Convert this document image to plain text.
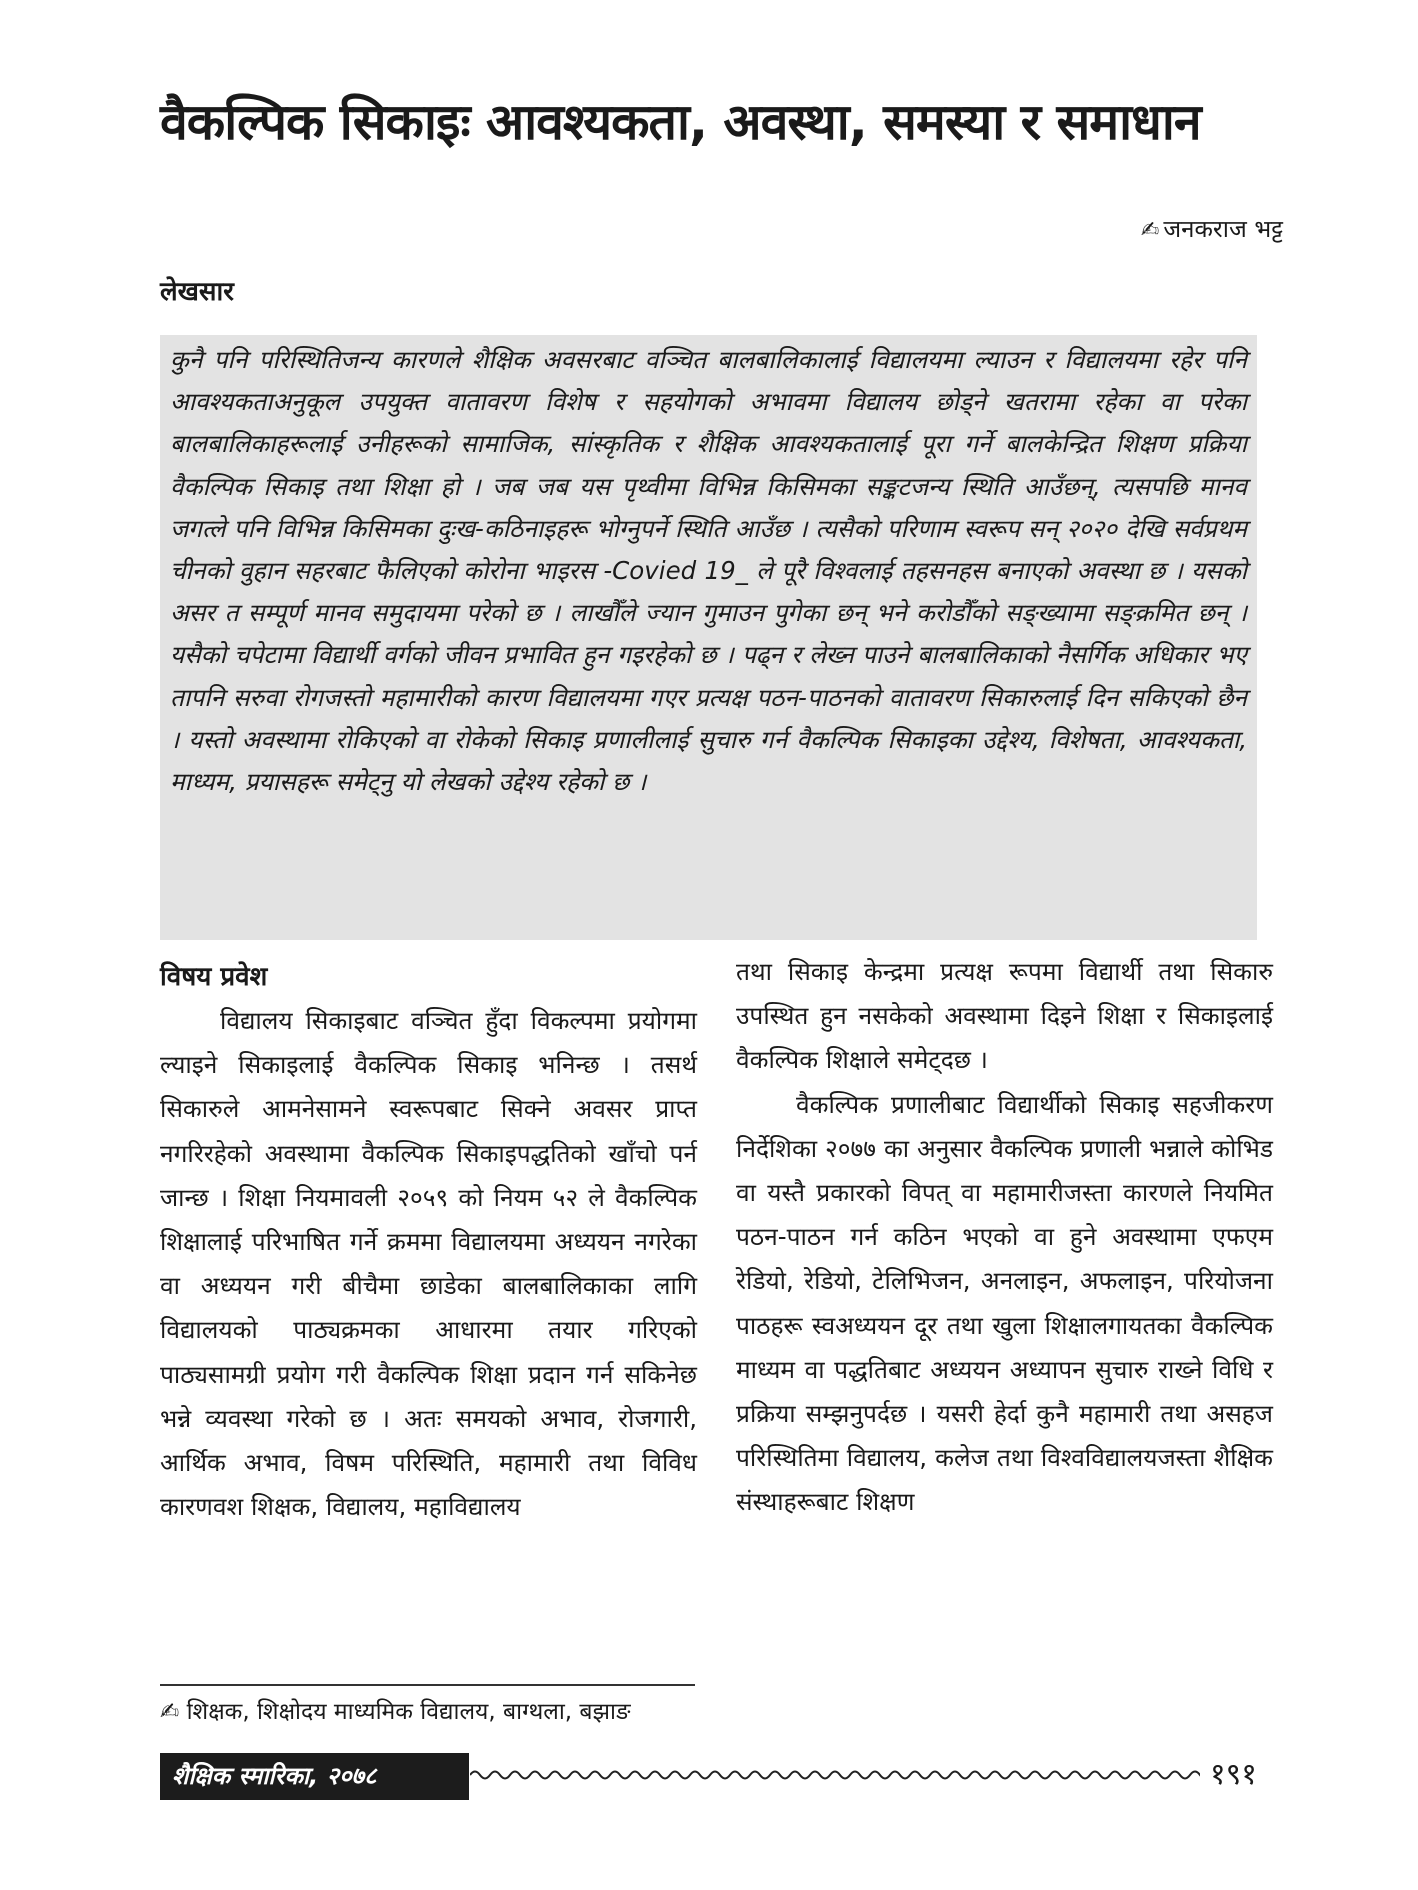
वैकल्पिक सिकाइः आवश्यकता, अवस्था, समस्या र समाधान
✍ जनकराज भट्ट
लेखसार
कुनै पनि परिस्थितिजन्य कारणले शैक्षिक अवसरबाट वञ्चित बालबालिकालाई विद्यालयमा ल्याउन र विद्यालयमा रहेर पनि आवश्यकताअनुकूल उपयुक्त वातावरण विशेष र सहयोगको अभावमा विद्यालय छोड्ने खतरामा रहेका वा परेका बालबालिकाहरूलाई उनीहरूको सामाजिक, सांस्कृतिक र शैक्षिक आवश्यकतालाई पूरा गर्ने बालकेन्द्रित शिक्षण प्रक्रिया वैकल्पिक सिकाइ तथा शिक्षा हो । जब जब यस पृथ्वीमा विभिन्न किसिमका सङ्कटजन्य स्थिति आउँछन्, त्यसपछि मानव जगत्ले पनि विभिन्न किसिमका दुःख-कठिनाइहरू भोग्नुपर्ने स्थिति आउँछ । त्यसैको परिणाम स्वरूप सन् २०२० देखि सर्वप्रथम चीनको वुहान सहरबाट फैलिएको कोरोना भाइरस -Covied 19_ ले पूरै विश्वलाई तहसनहस बनाएको अवस्था छ । यसको असर त सम्पूर्ण मानव समुदायमा परेको छ । लाखौँले ज्यान गुमाउन पुगेका छन् भने करोडौँको सङ्ख्यामा सङ्क्रमित छन् । यसैको चपेटामा विद्यार्थी वर्गको जीवन प्रभावित हुन गइरहेको छ । पढ्न र लेख्न पाउने बालबालिकाको नैसर्गिक अधिकार भए तापनि सरुवा रोगजस्तो महामारीको कारण विद्यालयमा गएर प्रत्यक्ष पठन-पाठनको वातावरण सिकारुलाई दिन सकिएको छैन । यस्तो अवस्थामा रोकिएको वा रोकेको सिकाइ प्रणालीलाई सुचारु गर्न वैकल्पिक सिकाइका उद्देश्य, विशेषता, आवश्यकता, माध्यम, प्रयासहरू समेट्नु यो लेखको उद्देश्य रहेको छ ।
विषय प्रवेश

विद्यालय सिकाइबाट वञ्चित हुँदा विकल्पमा प्रयोगमा ल्याइने सिकाइलाई वैकल्पिक सिकाइ भनिन्छ । तसर्थ सिकारुले आमनेसामने स्वरूपबाट सिक्ने अवसर प्राप्त नगरिरहेको अवस्थामा वैकल्पिक सिकाइपद्धतिको खाँचो पर्न जान्छ । शिक्षा नियमावली २०५९ को नियम ५२ ले वैकल्पिक शिक्षालाई परिभाषित गर्ने क्रममा विद्यालयमा अध्ययन नगरेका वा अध्ययन गरी बीचैमा छाडेका बालबालिकाका लागि विद्यालयको पाठ्यक्रमका आधारमा तयार गरिएको पाठ्यसामग्री प्रयोग गरी वैकल्पिक शिक्षा प्रदान गर्न सकिनेछ भन्ने व्यवस्था गरेको छ । अतः समयको अभाव, रोजगारी, आर्थिक अभाव, विषम परिस्थिति, महामारी तथा विविध कारणवश शिक्षक, विद्यालय, महाविद्यालय

तथा सिकाइ केन्द्रमा प्रत्यक्ष रूपमा विद्यार्थी तथा सिकारु उपस्थित हुन नसकेको अवस्थामा दिइने शिक्षा र सिकाइलाई वैकल्पिक शिक्षाले समेट्दछ ।

वैकल्पिक प्रणालीबाट विद्यार्थीको सिकाइ सहजीकरण निर्देशिका २०७७ का अनुसार वैकल्पिक प्रणाली भन्नाले कोभिड वा यस्तै प्रकारको विपत् वा महामारीजस्ता कारणले नियमित पठन-पाठन गर्न कठिन भएको वा हुने अवस्थामा एफएम रेडियो, रेडियो, टेलिभिजन, अनलाइन, अफलाइन, परियोजना पाठहरू स्वअध्ययन दूर तथा खुला शिक्षालगायतका वैकल्पिक माध्यम वा पद्धतिबाट अध्ययन अध्यापन सुचारु राख्ने विधि र प्रक्रिया सम्झनुपर्दछ । यसरी हेर्दा कुनै महामारी तथा असहज परिस्थितिमा विद्यालय, कलेज तथा विश्वविद्यालयजस्ता शैक्षिक संस्थाहरूबाट शिक्षण

✍ शिक्षक, शिक्षोदय माध्यमिक विद्यालय, बाग्थला, बझाङ
शैक्षिक स्मारिका, २०७८	१९१
